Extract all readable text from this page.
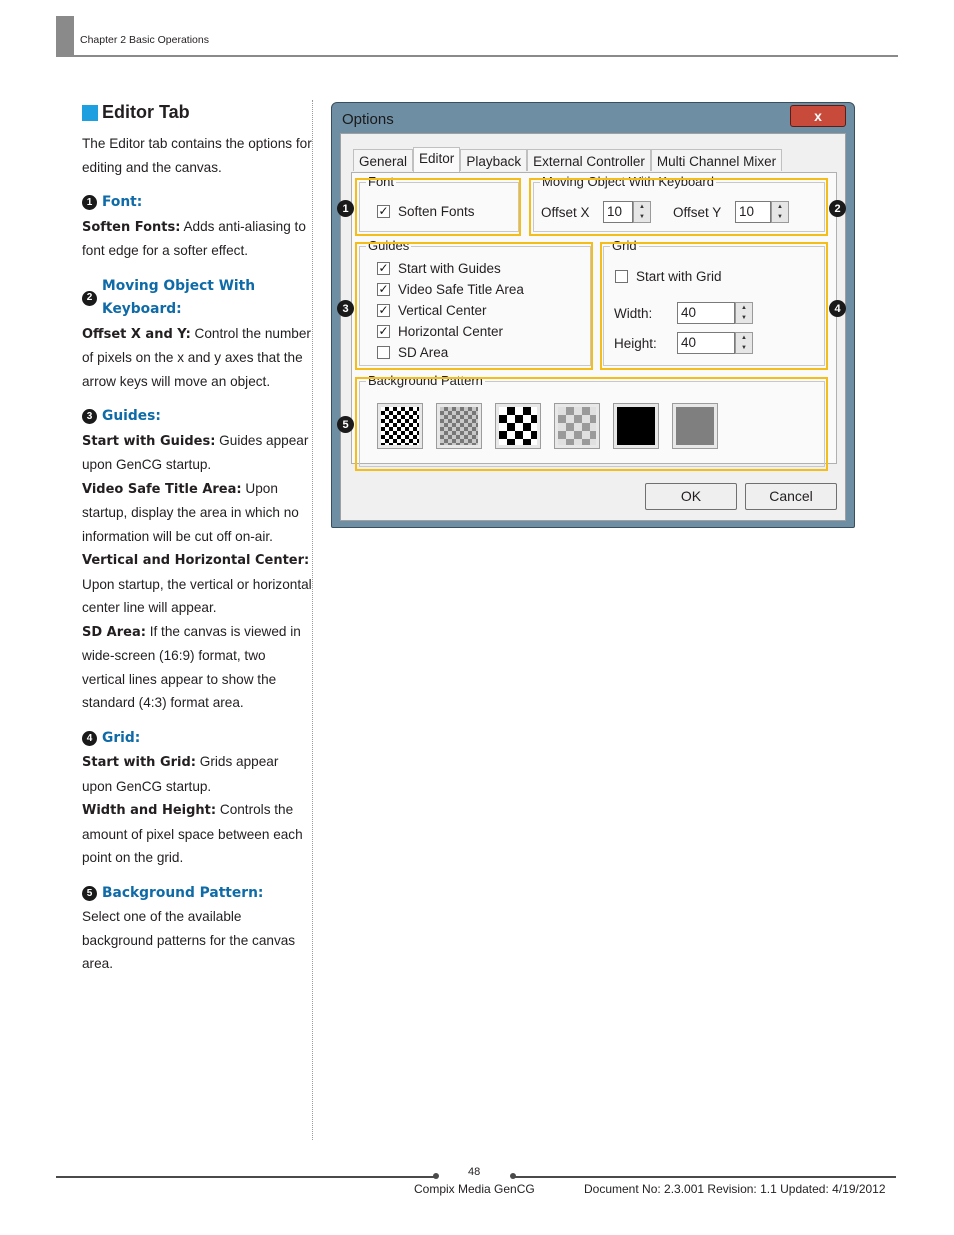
Chapter 2 Basic Operations
Editor Tab

The Editor tab contains the options for editing and the canvas.

1 Font:

Soften Fonts: Adds anti-aliasing to font edge for a softer effect.

2
Moving Object With Keyboard:

Offset X and Y: Control the number of pixels on the x and y axes that the arrow keys will move an object.

3 Guides:

Start with Guides: Guides appear upon GenCG startup.

Video Safe Title Area: Upon startup, display the area in which no information will be cut off on-air.

Vertical and Horizontal Center: Upon startup, the vertical or horizontal center line will appear.

SD Area: If the canvas is viewed in wide-screen (16:9) format, two vertical lines appear to show the standard (4:3) format area.

4 Grid:

Start with Grid: Grids appear upon GenCG startup.

Width and Height: Controls the amount of pixel space between each point on the grid.

5 Background Pattern:

Select one of the available background patterns for the canvas area.

Options	x
General Editor Playback External Controller Multi Channel Mixer
Font
✓ Soften Fonts
Moving Object With Keyboard
Offset X 10	▲
▼	Offset Y 10	▲
▼
Guides
✓ Start with Guides
✓ Video Safe Title Area
✓ Vertical Center
✓ Horizontal Center
SD Area
Grid
Start with Grid
Width: 40	▲
▼
Height: 40	▲
▼
Background Pattern
1	2
3	4
5
OK	Cancel
48
Compix Media GenCG	Document No: 2.3.001 Revision: 1.1 Updated: 4/19/2012
